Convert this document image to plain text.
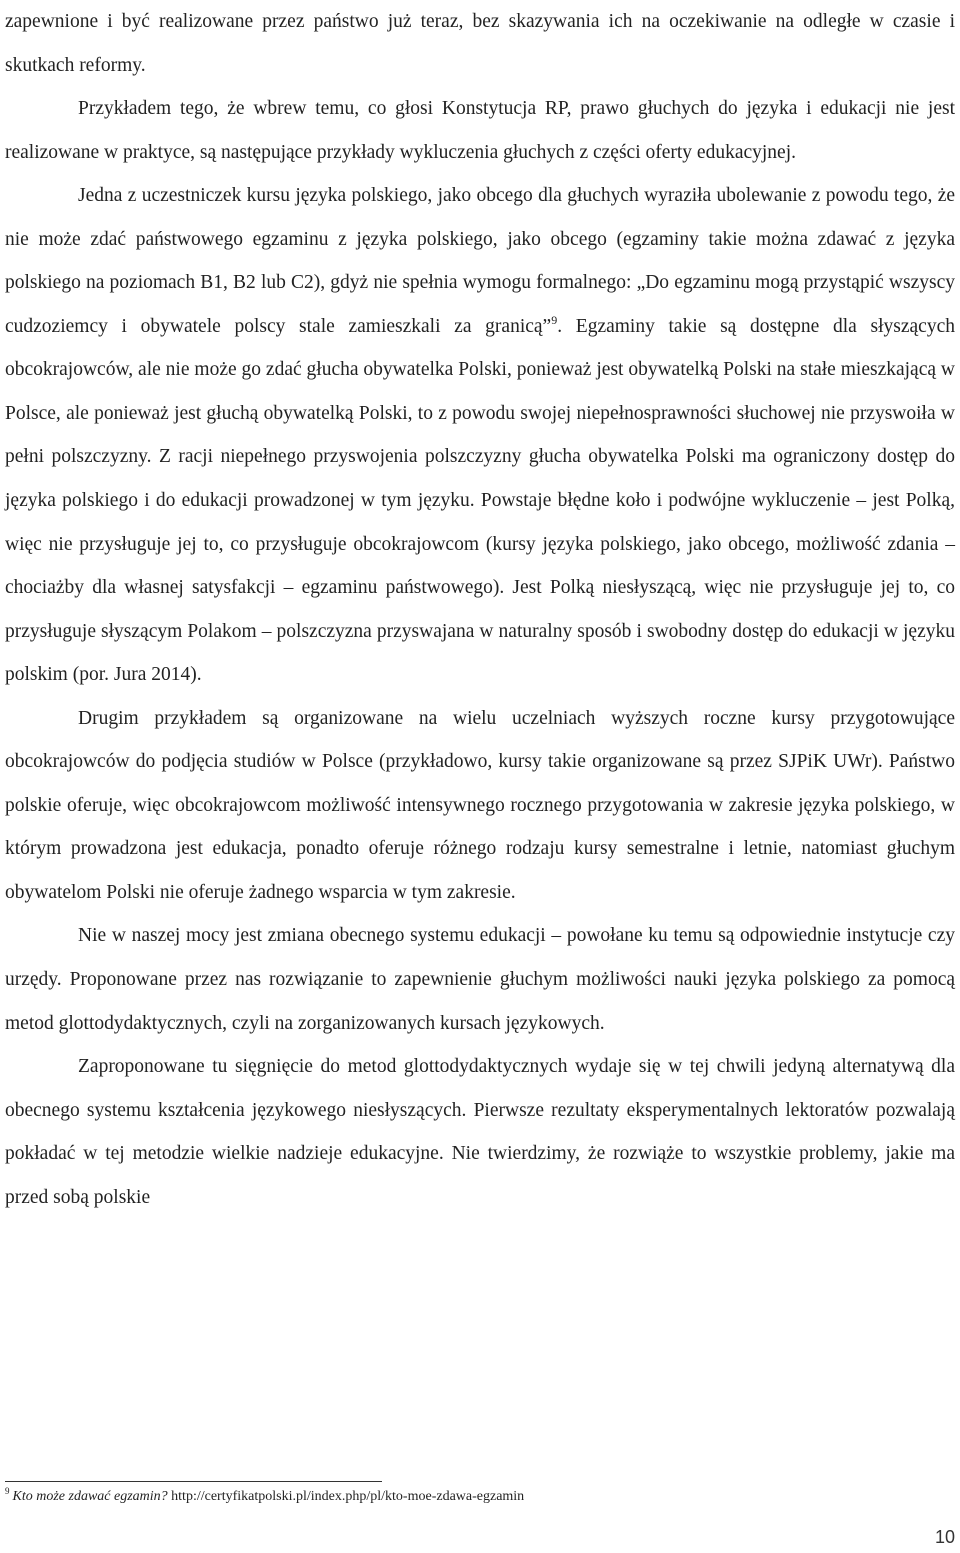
zapewnione i być realizowane przez państwo już teraz, bez skazywania ich na oczekiwanie na odległe w czasie i skutkach reformy.

Przykładem tego, że wbrew temu, co głosi Konstytucja RP, prawo głuchych do języka i edukacji nie jest realizowane w praktyce, są następujące przykłady wykluczenia głuchych z części oferty edukacyjnej.

Jedna z uczestniczek kursu języka polskiego, jako obcego dla głuchych wyraziła ubolewanie z powodu tego, że nie może zdać państwowego egzaminu z języka polskiego, jako obcego (egzaminy takie można zdawać z języka polskiego na poziomach B1, B2 lub C2), gdyż nie spełnia wymogu formalnego: „Do egzaminu mogą przystąpić wszyscy cudzoziemcy i obywatele polscy stale zamieszkali za granicą”$^9$. Egzaminy takie są dostępne dla słyszących obcokrajowców, ale nie może go zdać głucha obywatelka Polski, ponieważ jest obywatelką Polski na stałe mieszkającą w Polsce, ale ponieważ jest głuchą obywatelką Polski, to z powodu swojej niepełnosprawności słuchowej nie przyswoiła w pełni polszczyzny. Z racji niepełnego przyswojenia polszczyzny głucha obywatelka Polski ma ograniczony dostęp do języka polskiego i do edukacji prowadzonej w tym języku. Powstaje błędne koło i podwójne wykluczenie – jest Polką, więc nie przysługuje jej to, co przysługuje obcokrajowcom (kursy języka polskiego, jako obcego, możliwość zdania – chociażby dla własnej satysfakcji – egzaminu państwowego). Jest Polką niesłyszącą, więc nie przysługuje jej to, co przysługuje słyszącym Polakom – polszczyzna przyswajana w naturalny sposób i swobodny dostęp do edukacji w języku polskim (por. Jura 2014).

Drugim przykładem są organizowane na wielu uczelniach wyższych roczne kursy przygotowujące obcokrajowców do podjęcia studiów w Polsce (przykładowo, kursy takie organizowane są przez SJPiK UWr). Państwo polskie oferuje, więc obcokrajowcom możliwość intensywnego rocznego przygotowania w zakresie języka polskiego, w którym prowadzona jest edukacja, ponadto oferuje różnego rodzaju kursy semestralne i letnie, natomiast głuchym obywatelom Polski nie oferuje żadnego wsparcia w tym zakresie.

Nie w naszej mocy jest zmiana obecnego systemu edukacji – powołane ku temu są odpowiednie instytucje czy urzędy. Proponowane przez nas rozwiązanie to zapewnienie głuchym możliwości nauki języka polskiego za pomocą metod glottodydaktycznych, czyli na zorganizowanych kursach językowych.

Zaproponowane tu sięgnięcie do metod glottodydaktycznych wydaje się w tej chwili jedyną alternatywą dla obecnego systemu kształcenia językowego niesłyszących. Pierwsze rezultaty eksperymentalnych lektoratów pozwalają pokładać w tej metodzie wielkie nadzieje edukacyjne. Nie twierdzimy, że rozwiąże to wszystkie problemy, jakie ma przed sobą polskie

$^9$ Kto może zdawać egzamin? http://certyfikatpolski.pl/index.php/pl/kto-moe-zdawa-egzamin
10
